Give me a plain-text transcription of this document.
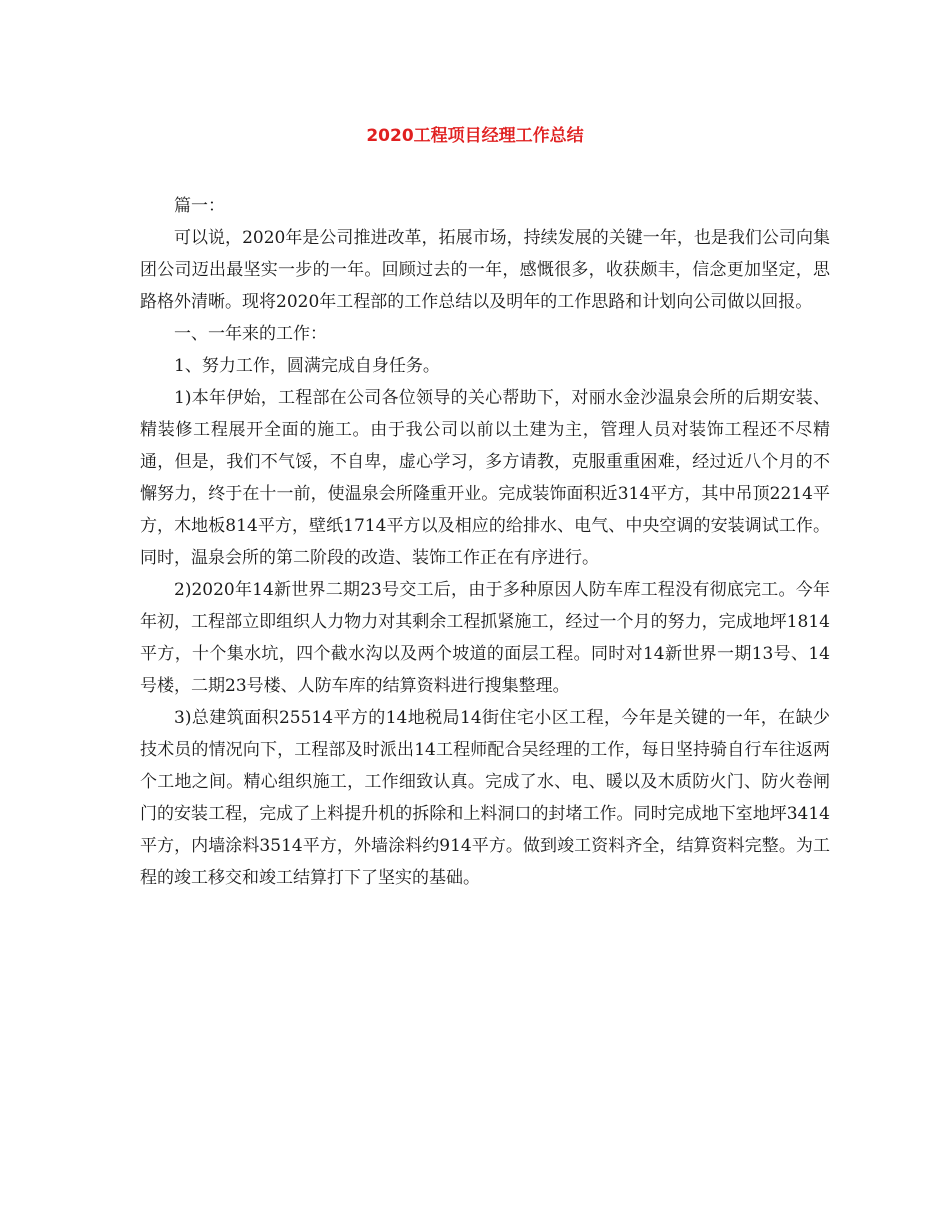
2020工程项目经理工作总结

篇一：

可以说，2020年是公司推进改革，拓展市场，持续发展的关键一年，也是我们公司向集团公司迈出最坚实一步的一年。回顾过去的一年，感慨很多，收获颇丰，信念更加坚定，思路格外清晰。现将2020年工程部的工作总结以及明年的工作思路和计划向公司做以回报。

一、一年来的工作：

1、努力工作，圆满完成自身任务。

1)本年伊始，工程部在公司各位领导的关心帮助下，对丽水金沙温泉会所的后期安装、精装修工程展开全面的施工。由于我公司以前以土建为主，管理人员对装饰工程还不尽精通，但是，我们不气馁，不自卑，虚心学习，多方请教，克服重重困难，经过近八个月的不懈努力，终于在十一前，使温泉会所隆重开业。完成装饰面积近314平方，其中吊顶2214平方，木地板814平方，壁纸1714平方以及相应的给排水、电气、中央空调的安装调试工作。同时，温泉会所的第二阶段的改造、装饰工作正在有序进行。

2)2020年14新世界二期23号交工后，由于多种原因人防车库工程没有彻底完工。今年年初，工程部立即组织人力物力对其剩余工程抓紧施工，经过一个月的努力，完成地坪1814平方，十个集水坑，四个截水沟以及两个坡道的面层工程。同时对14新世界一期13号、14号楼，二期23号楼、人防车库的结算资料进行搜集整理。

3)总建筑面积25514平方的14地税局14街住宅小区工程，今年是关键的一年，在缺少技术员的情况向下，工程部及时派出14工程师配合吴经理的工作，每日坚持骑自行车往返两个工地之间。精心组织施工，工作细致认真。完成了水、电、暖以及木质防火门、防火卷闸门的安装工程，完成了上料提升机的拆除和上料洞口的封堵工作。同时完成地下室地坪3414平方，内墙涂料3514平方，外墙涂料约914平方。做到竣工资料齐全，结算资料完整。为工程的竣工移交和竣工结算打下了坚实的基础。
